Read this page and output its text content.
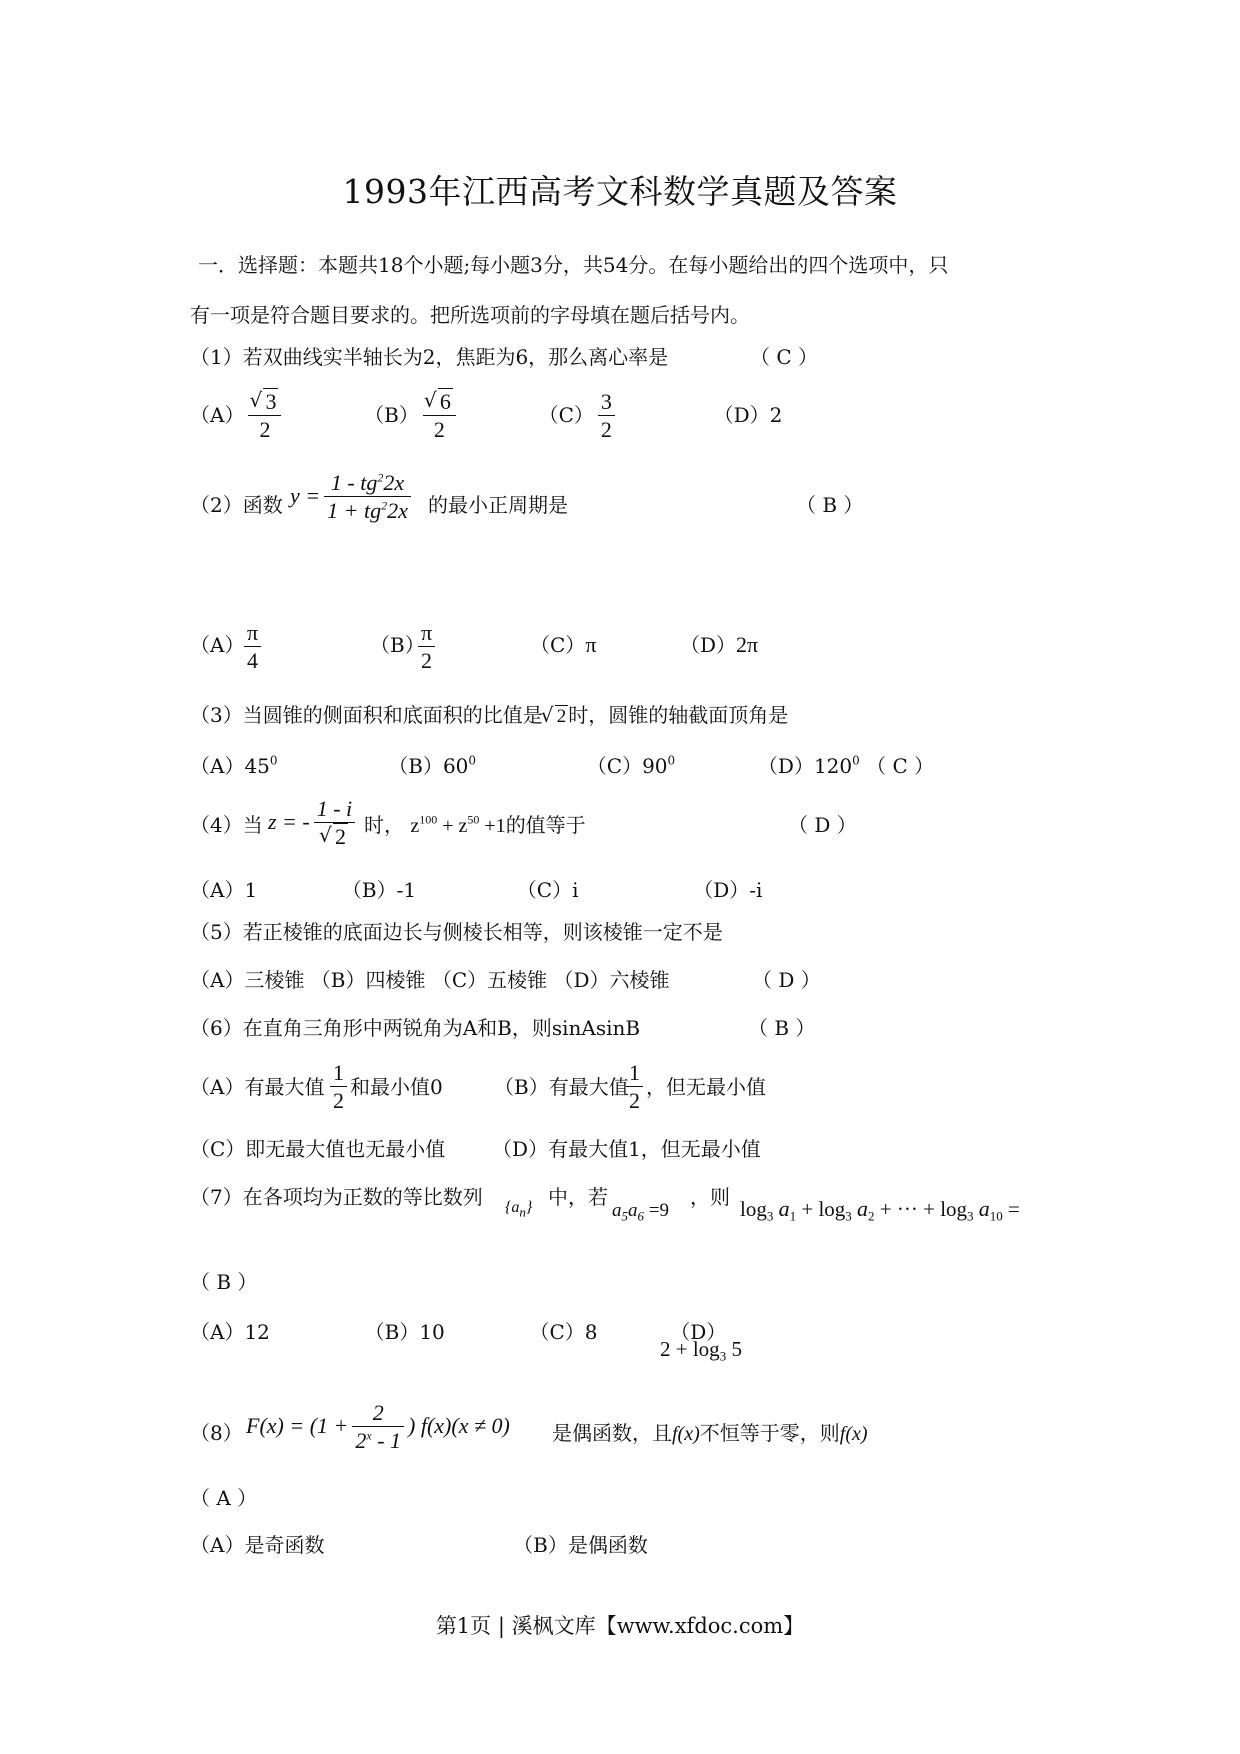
1993年江西高考文科数学真题及答案
一．选择题：本题共18个小题;每小题3分，共54分。在每小题给出的四个选项中，只
有一项是符合题目要求的。把所选项前的字母填在题后括号内。
（1）若双曲线实半轴长为2，焦距为6，那么离心率是	（ C ）
（A） √ $\frac{3}{2}$	（B） √ $\frac{6}{2}$	$(C) \frac{3}{2}$	（D）2
（2）函数 $y = \frac{1 - tg^22x}{1 + tg^22x}$ 的最小正周期是	（ B ）
$(A) \frac{\pi}{4}$	（B）
$\frac{\pi}{2}$	（C）π	（D）2π
（3）当圆锥的侧面积和底面积的比值是 √ 2 时，圆锥的轴截面顶角是
$(A)45^0$	$(B)60^0$	$(C)90^0$	$(D)120^0$ （ C ）
（4）当 z = - 1 - i
√ 2 时， $z^{100} + z^{50} +1$的值等于	（ D ）
（A）1	（B）-1	（C）i	（D）-i
（5）若正棱锥的底面边长与侧棱长相等，则该棱锥一定不是
（A）三棱锥 （B）四棱锥 （C）五棱锥 （D）六棱锥	（ D ）
（6）在直角三角形中两锐角为A和B，则sinAsinB	（ B ）
（A）有最大值 $\frac{1}{2}$ 和最小值0	（B）有最大值
$\frac{1}{2}$ ，但无最小值
（C）即无最大值也无最小值 （D）有最大值1，但无最小值
（7）在各项均为正数的等比数列 $\{a_n\}$ 中，若
$a_5a_6 =9$
，则 $\log_3 a_1 + \log_3 a_2$ + ··· + $\log_3 a_{10}$ =
（ B ）
（A）12	（B）10	（C）8	（D）
$2 + \log_3 5$
（8） $F(x) = (1 + \frac{2}{2^x - 1}$ ) f(x)(x ≠ 0) 是偶函数，且f(x)不恒等于零，则f(x)
（ A ）
（A）是奇函数	（B）是偶函数
第1页 | 溪枫文库【www.xfdoc.com】
